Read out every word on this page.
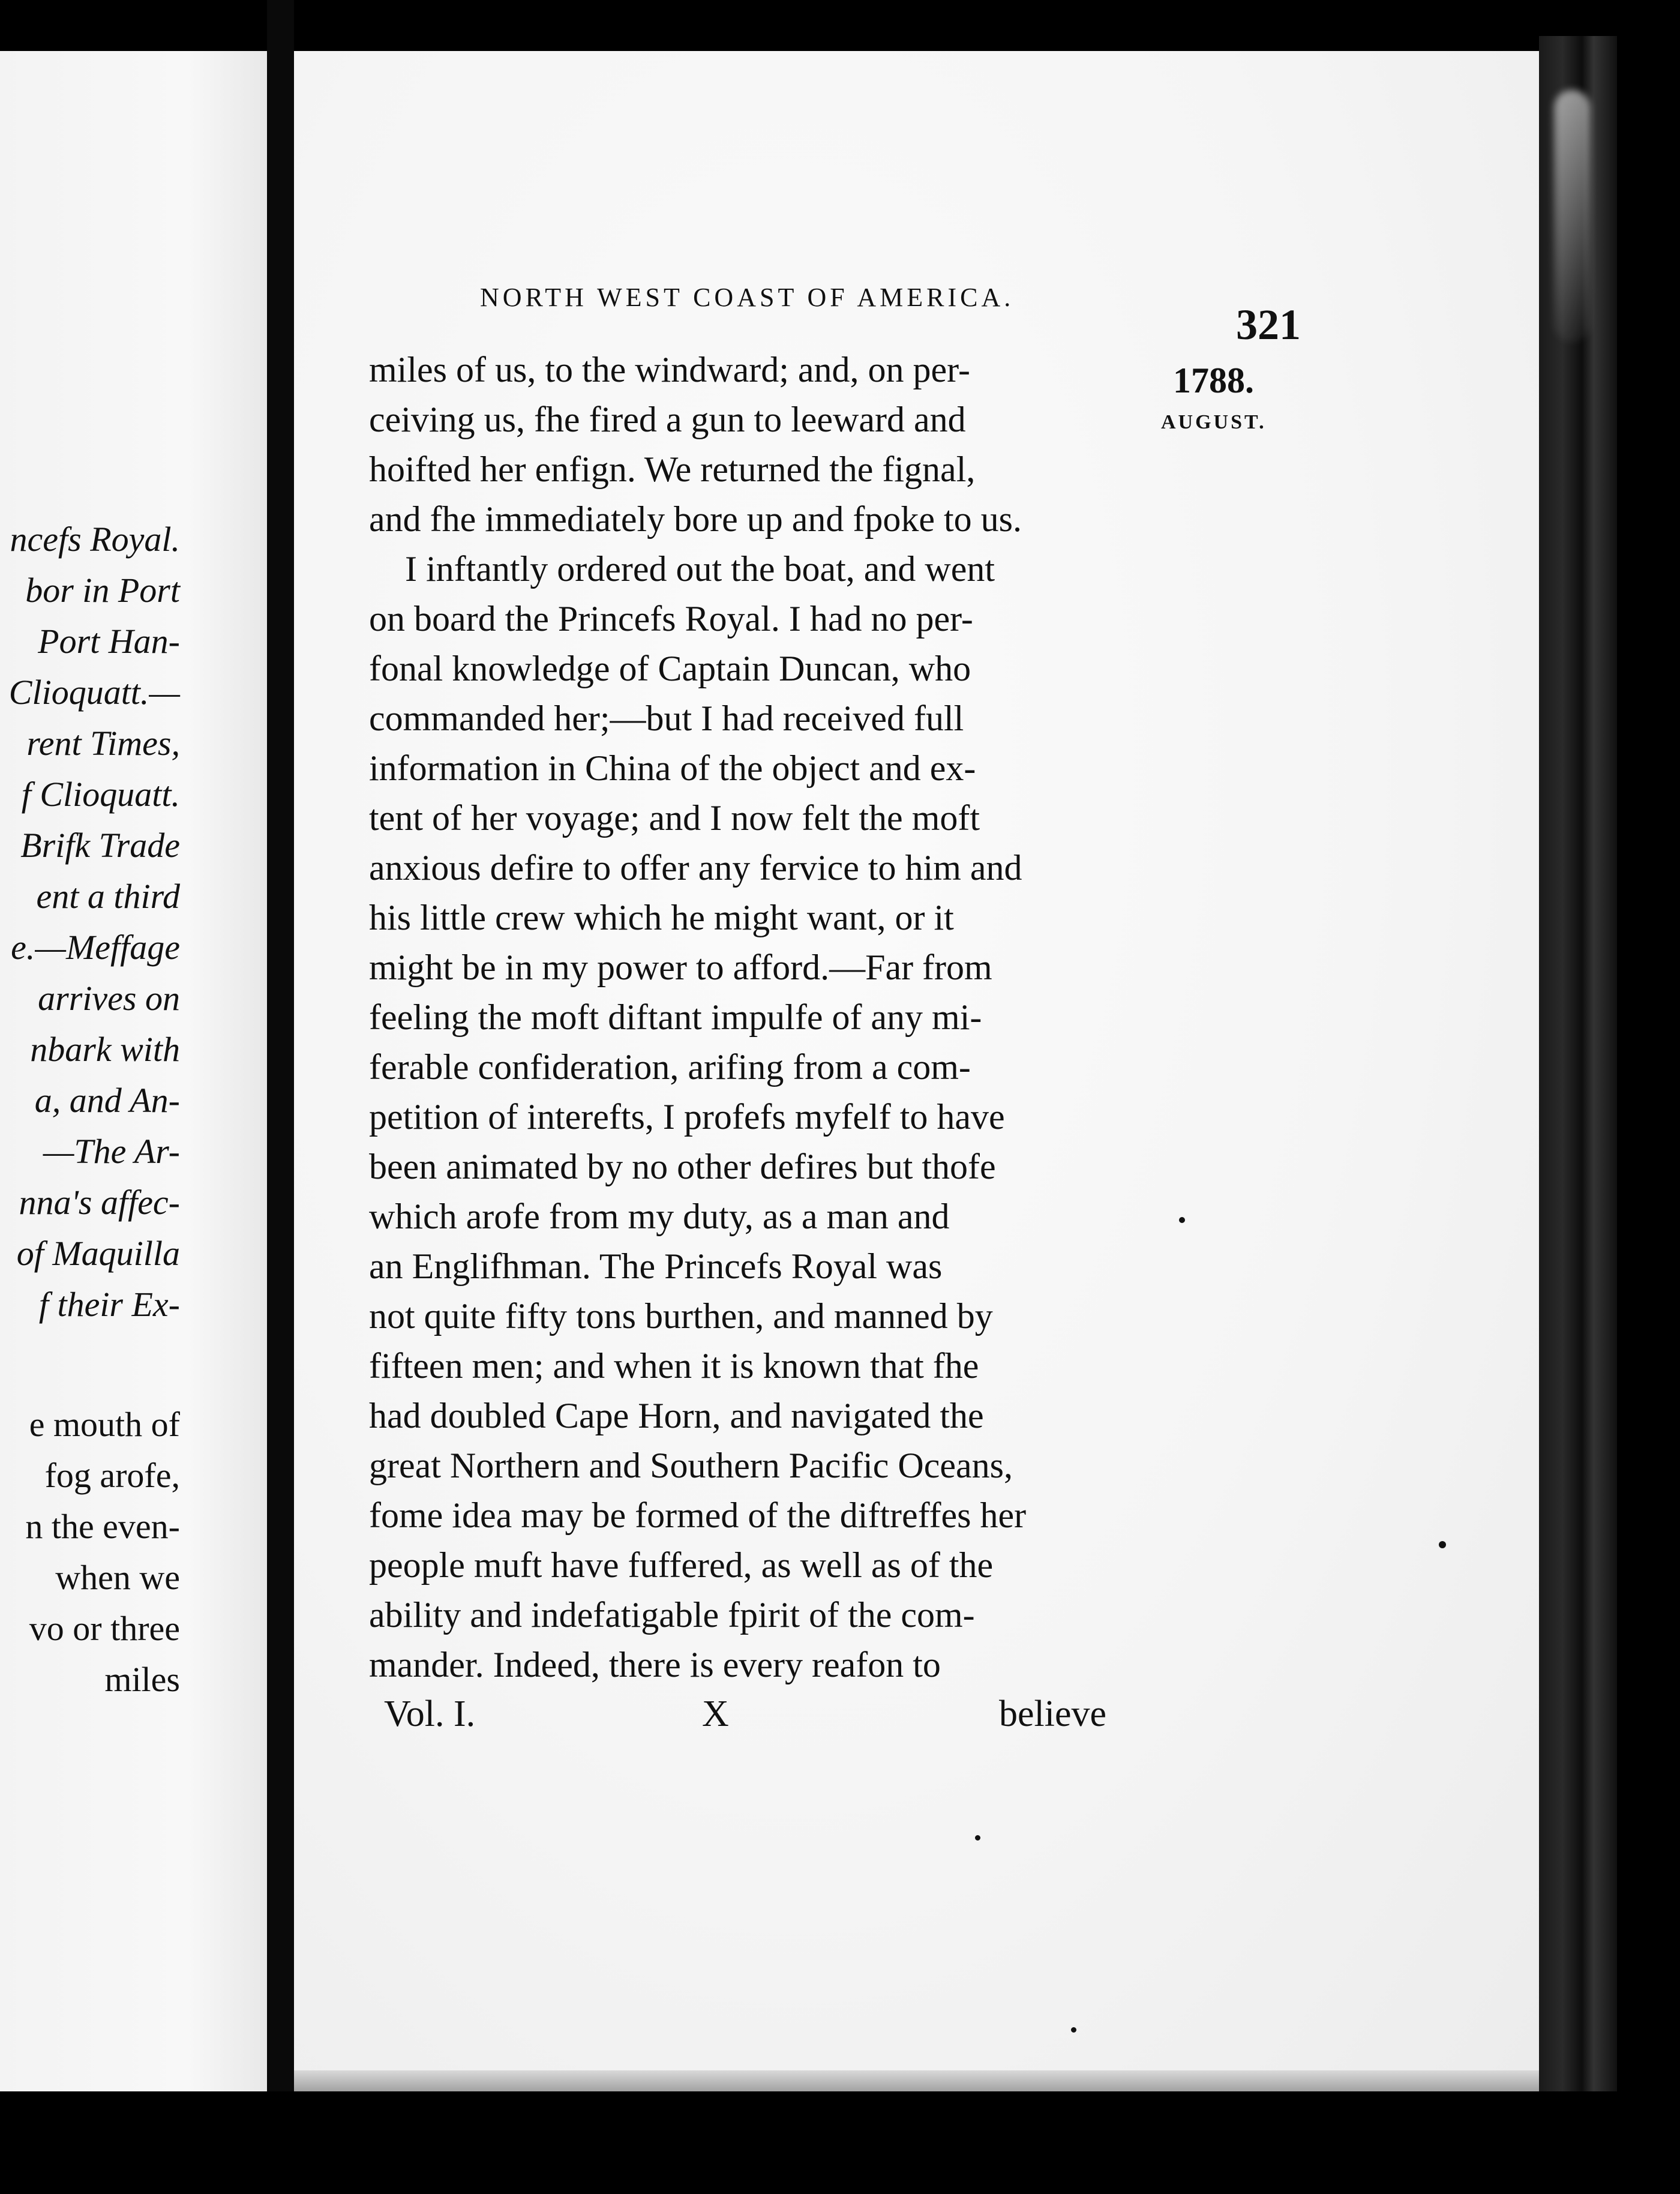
ncefs Royal.
bor in Port
Port Han-
Clioquatt.—
rent Times,
f Clioquatt.
Brifk Trade
ent a third
e.—Meffage
arrives on
nbark with
a, and An-
—The Ar-
nna's affec-
of Maquilla
f their Ex-
e mouth of
fog arofe,
n the even-
when we
vo or three
miles
NORTH WEST COAST OF AMERICA.
321
1788.
AUGUST.
miles of us, to the windward; and, on per-
ceiving us, fhe fired a gun to leeward and
hoifted her enfign. We returned the fignal,
and fhe immediately bore up and fpoke to us.
I inftantly ordered out the boat, and went
on board the Princefs Royal. I had no per-
fonal knowledge of Captain Duncan, who
commanded her;—but I had received full
information in China of the object and ex-
tent of her voyage; and I now felt the moft
anxious defire to offer any fervice to him and
his little crew which he might want, or it
might be in my power to afford.—Far from
feeling the moft diftant impulfe of any mi-
ferable confideration, arifing from a com-
petition of interefts, I profefs myfelf to have
been animated by no other defires but thofe
which arofe from my duty, as a man and
an Englifhman. The Princefs Royal was
not quite fifty tons burthen, and manned by
fifteen men; and when it is known that fhe
had doubled Cape Horn, and navigated the
great Northern and Southern Pacific Oceans,
fome idea may be formed of the diftreffes her
people muft have fuffered, as well as of the
ability and indefatigable fpirit of the com-
mander. Indeed, there is every reafon to
Vol. I.	X	believe
